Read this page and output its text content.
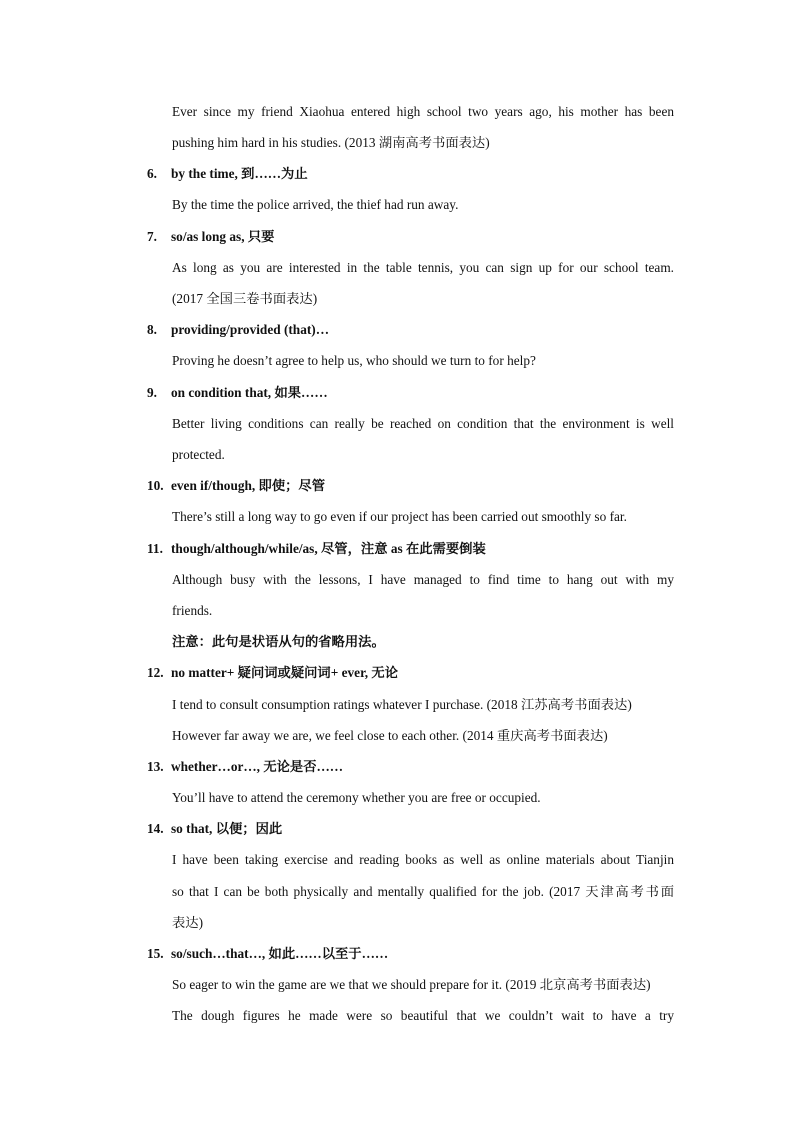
Ever since my friend Xiaohua entered high school two years ago, his mother has been
pushing him hard in his studies. (2013 湖南高考书面表达)
6. by the time, 到……为止
By the time the police arrived, the thief had run away.
7. so/as long as, 只要
As long as you are interested in the table tennis, you can sign up for our school team.
(2017 全国三卷书面表达)
8. providing/provided (that)…
Proving he doesn’t agree to help us, who should we turn to for help?
9. on condition that, 如果……
Better living conditions can really be reached on condition that the environment is well
protected.
10. even if/though, 即使；尽管
There’s still a long way to go even if our project has been carried out smoothly so far.
11. though/although/while/as, 尽管，注意 as 在此需要倒装
Although busy with the lessons, I have managed to find time to hang out with my
friends.
注意：此句是状语从句的省略用法。
12. no matter+ 疑问词或疑问词+ ever, 无论
I tend to consult consumption ratings whatever I purchase. (2018 江苏高考书面表达)
However far away we are, we feel close to each other. (2014 重庆高考书面表达)
13. whether…or…, 无论是否……
You’ll have to attend the ceremony whether you are free or occupied.
14. so that, 以便；因此
I have been taking exercise and reading books as well as online materials about Tianjin
so that I can be both physically and mentally qualified for the job. (2017 天津高考书面
表达)
15. so/such…that…, 如此……以至于……
So eager to win the game are we that we should prepare for it. (2019 北京高考书面表达)
The dough figures he made were so beautiful that we couldn’t wait to have a try
